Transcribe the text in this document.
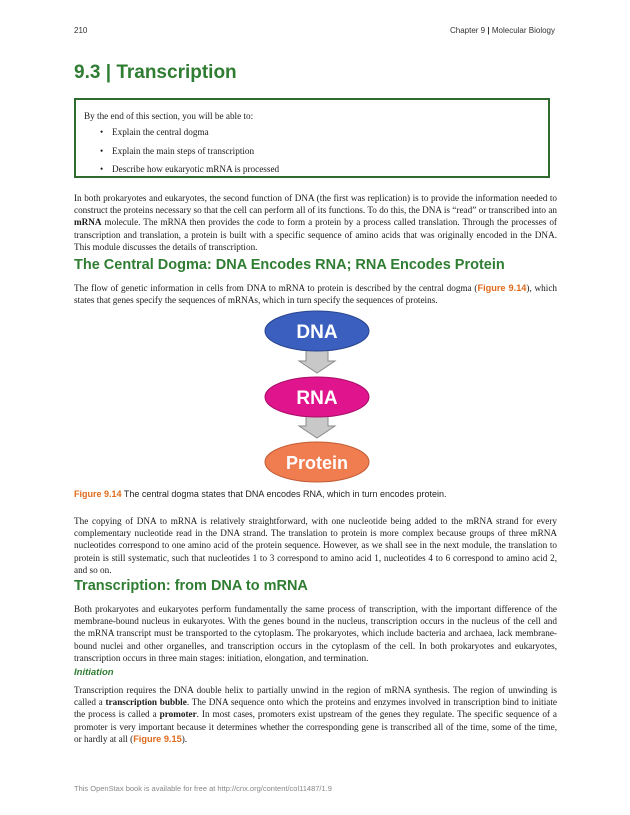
210	Chapter 9 | Molecular Biology
9.3 | Transcription
By the end of this section, you will be able to:
• Explain the central dogma
• Explain the main steps of transcription
• Describe how eukaryotic mRNA is processed

In both prokaryotes and eukaryotes, the second function of DNA (the first was replication) is to provide the information needed to construct the proteins necessary so that the cell can perform all of its functions. To do this, the DNA is “read” or transcribed into an mRNA molecule. The mRNA then provides the code to form a protein by a process called translation. Through the processes of transcription and translation, a protein is built with a specific sequence of amino acids that was originally encoded in the DNA. This module discusses the details of transcription.

The Central Dogma: DNA Encodes RNA; RNA Encodes Protein

The flow of genetic information in cells from DNA to mRNA to protein is described by the central dogma (Figure 9.14), which states that genes specify the sequences of mRNAs, which in turn specify the sequences of proteins.

DNA
RNA
Protein
Figure 9.14 The central dogma states that DNA encodes RNA, which in turn encodes protein.

The copying of DNA to mRNA is relatively straightforward, with one nucleotide being added to the mRNA strand for every complementary nucleotide read in the DNA strand. The translation to protein is more complex because groups of three mRNA nucleotides correspond to one amino acid of the protein sequence. However, as we shall see in the next module, the translation to protein is still systematic, such that nucleotides 1 to 3 correspond to amino acid 1, nucleotides 4 to 6 correspond to amino acid 2, and so on.

Transcription: from DNA to mRNA

Both prokaryotes and eukaryotes perform fundamentally the same process of transcription, with the important difference of the membrane-bound nucleus in eukaryotes. With the genes bound in the nucleus, transcription occurs in the nucleus of the cell and the mRNA transcript must be transported to the cytoplasm. The prokaryotes, which include bacteria and archaea, lack membrane-bound nuclei and other organelles, and transcription occurs in the cytoplasm of the cell. In both prokaryotes and eukaryotes, transcription occurs in three main stages: initiation, elongation, and termination.

Initiation

Transcription requires the DNA double helix to partially unwind in the region of mRNA synthesis. The region of unwinding is called a transcription bubble. The DNA sequence onto which the proteins and enzymes involved in transcription bind to initiate the process is called a promoter. In most cases, promoters exist upstream of the genes they regulate. The specific sequence of a promoter is very important because it determines whether the corresponding gene is transcribed all of the time, some of the time, or hardly at all (Figure 9.15).

This OpenStax book is available for free at http://cnx.org/content/col11487/1.9
